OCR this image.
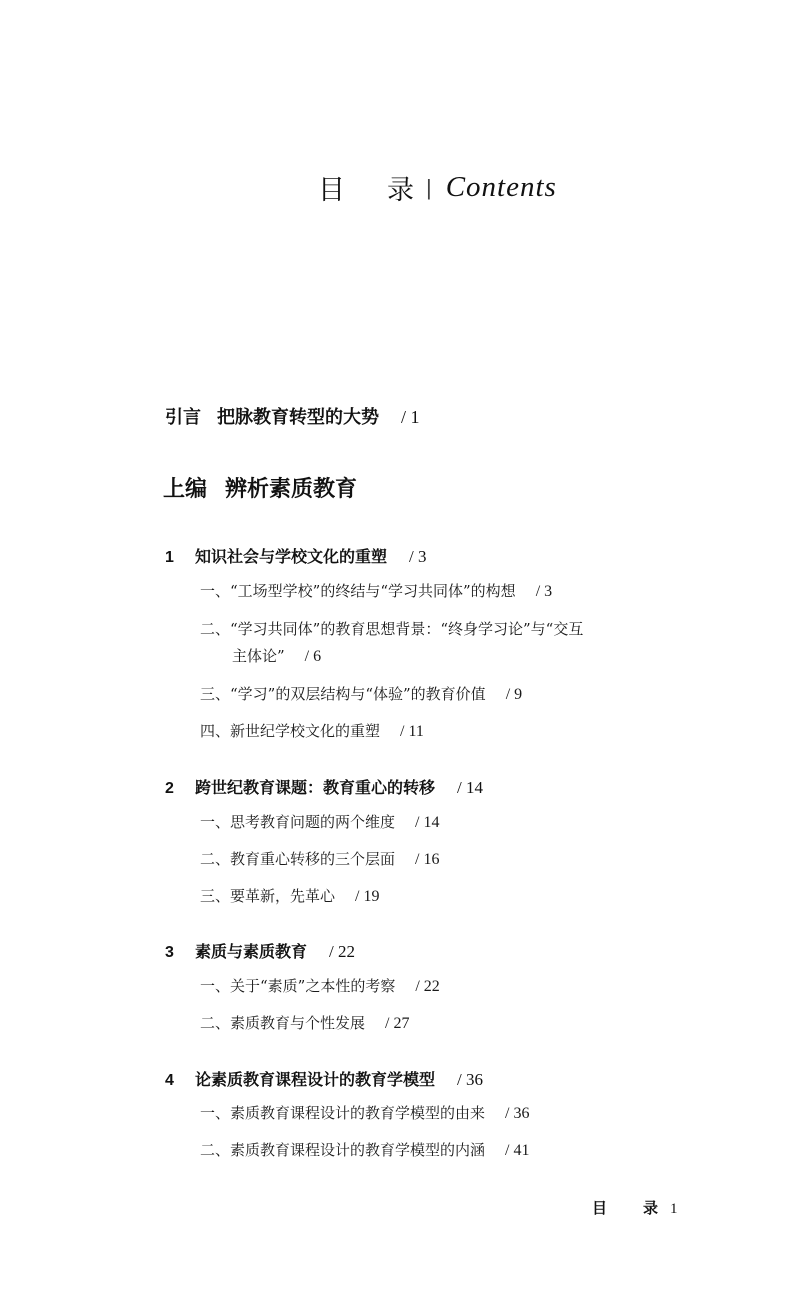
目 录 | Contents
引言 把脉教育转型的大势 / 1
上编 辨析素质教育
1 知识社会与学校文化的重塑 / 3
一、“工场型学校”的终结与“学习共同体”的构想 / 3
二、“学习共同体”的教育思想背景：“终身学习论”与“交互
主体论” / 6
三、“学习”的双层结构与“体验”的教育价值 / 9
四、新世纪学校文化的重塑 / 11
2 跨世纪教育课题：教育重心的转移 / 14
一、思考教育问题的两个维度 / 14
二、教育重心转移的三个层面 / 16
三、要革新，先革心 / 19
3 素质与素质教育 / 22
一、关于“素质”之本性的考察 / 22
二、素质教育与个性发展 / 27
4 论素质教育课程设计的教育学模型 / 36
一、素质教育课程设计的教育学模型的由来 / 36
二、素质教育课程设计的教育学模型的内涵 / 41
目 录 1
